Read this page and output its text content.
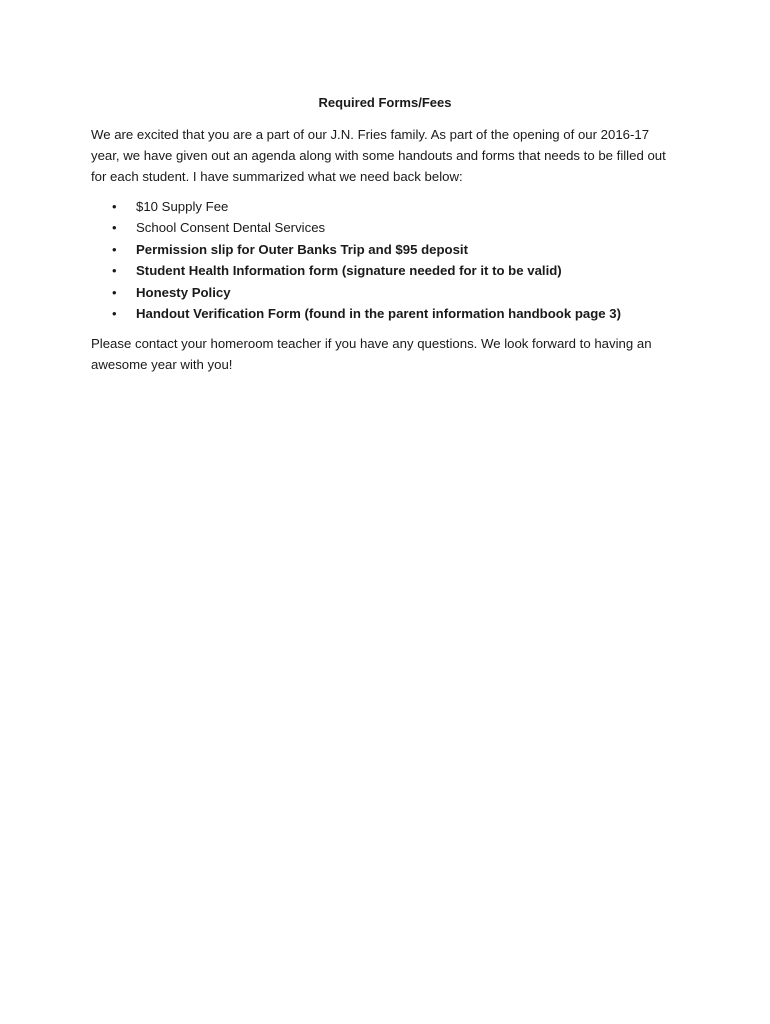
Required Forms/Fees

We are excited that you are a part of our J.N. Fries family. As part of the opening of our 2016-17 year, we have given out an agenda along with some handouts and forms that needs to be filled out for each student. I have summarized what we need back below:

• $10 Supply Fee
• School Consent Dental Services
• Permission slip for Outer Banks Trip and $95 deposit
• Student Health Information form (signature needed for it to be valid)
• Honesty Policy
• Handout Verification Form (found in the parent information handbook page 3)

Please contact your homeroom teacher if you have any questions. We look forward to having an awesome year with you!
